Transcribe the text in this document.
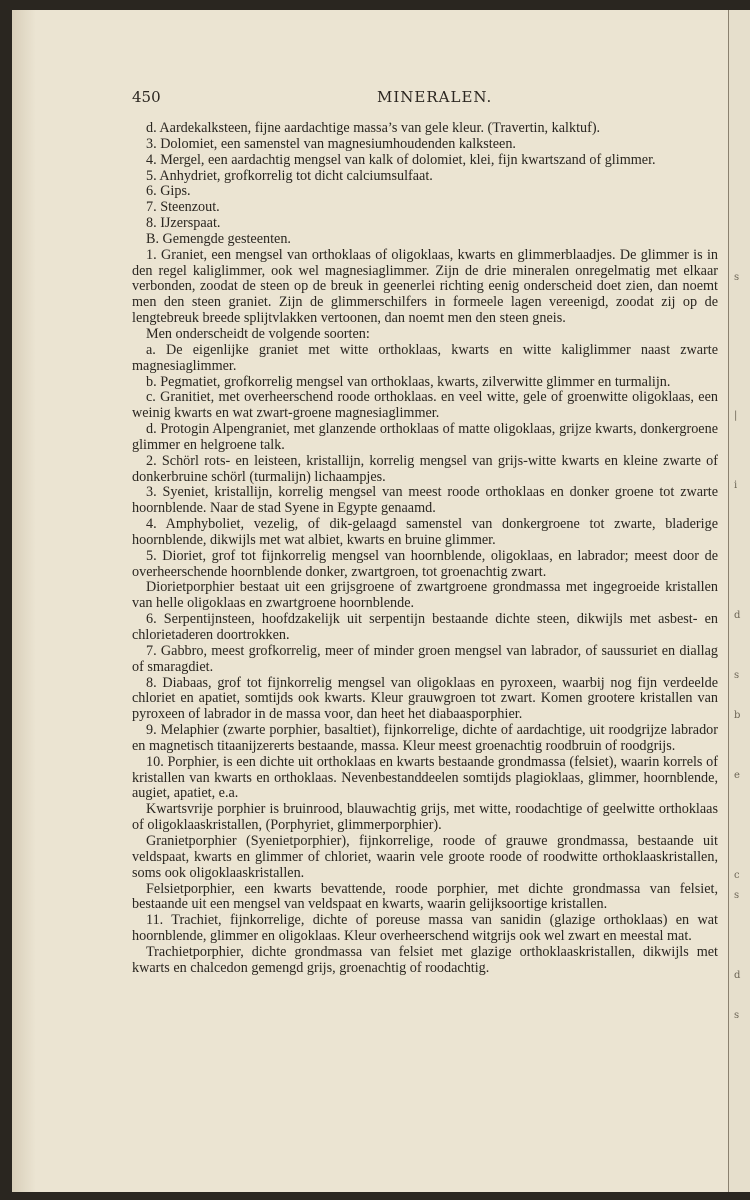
s
|
i
d
s
b
e
c
s
d
s
450	MINERALEN.
d. Aardekalksteen, fijne aardachtige massa’s van gele kleur. (Travertin, kalktuf).
3. Dolomiet, een samenstel van magnesiumhoudenden kalksteen.
4. Mergel, een aardachtig mengsel van kalk of dolomiet, klei, fijn kwartszand of glimmer.
5. Anhydriet, grofkorrelig tot dicht calciumsulfaat.
6. Gips.
7. Steenzout.
8. IJzerspaat.
B. Gemengde gesteenten.
1. Graniet, een mengsel van orthoklaas of oligoklaas, kwarts en glimmerblaadjes. De glimmer is in den regel kaliglimmer, ook wel magnesiaglimmer. Zijn de drie mineralen onregelmatig met elkaar verbonden, zoodat de steen op de breuk in geenerlei richting eenig onderscheid doet zien, dan noemt men den steen graniet. Zijn de glimmerschilfers in formeele lagen vereenigd, zoodat zij op de lengtebreuk breede splijtvlakken vertoonen, dan noemt men den steen gneis.
Men onderscheidt de volgende soorten:
a. De eigenlijke graniet met witte orthoklaas, kwarts en witte kaliglimmer naast zwarte magnesiaglimmer.
b. Pegmatiet, grofkorrelig mengsel van orthoklaas, kwarts, zilverwitte glimmer en turmalijn.
c. Granitiet, met overheerschend roode orthoklaas. en veel witte, gele of groenwitte oligoklaas, een weinig kwarts en wat zwart-groene magnesiaglimmer.
d. Protogin Alpengraniet, met glanzende orthoklaas of matte oligoklaas, grijze kwarts, donkergroene glimmer en helgroene talk.
2. Schörl rots- en leisteen, kristallijn, korrelig mengsel van grijs-witte kwarts en kleine zwarte of donkerbruine schörl (turmalijn) lichaampjes.
3. Syeniet, kristallijn, korrelig mengsel van meest roode orthoklaas en donker groene tot zwarte hoornblende. Naar de stad Syene in Egypte genaamd.
4. Amphyboliet, vezelig, of dik-gelaagd samenstel van donkergroene tot zwarte, bladerige hoornblende, dikwijls met wat albiet, kwarts en bruine glimmer.
5. Dioriet, grof tot fijnkorrelig mengsel van hoornblende, oligoklaas, en labrador; meest door de overheerschende hoornblende donker, zwartgroen, tot groenachtig zwart.
Diorietporphier bestaat uit een grijsgroene of zwartgroene grondmassa met ingegroeide kristallen van helle oligoklaas en zwartgroene hoornblende.
6. Serpentijnsteen, hoofdzakelijk uit serpentijn bestaande dichte steen, dikwijls met asbest- en chlorietaderen doortrokken.
7. Gabbro, meest grofkorrelig, meer of minder groen mengsel van labrador, of saussuriet en diallag of smaragdiet.
8. Diabaas, grof tot fijnkorrelig mengsel van oligoklaas en pyroxeen, waarbij nog fijn verdeelde chloriet en apatiet, somtijds ook kwarts. Kleur grauwgroen tot zwart. Komen grootere kristallen van pyroxeen of labrador in de massa voor, dan heet het diabaasporphier.
9. Melaphier (zwarte porphier, basaltiet), fijnkorrelige, dichte of aardachtige, uit roodgrijze labrador en magnetisch titaanijzererts bestaande, massa. Kleur meest groenachtig roodbruin of roodgrijs.
10. Porphier, is een dichte uit orthoklaas en kwarts bestaande grondmassa (felsiet), waarin korrels of kristallen van kwarts en orthoklaas. Nevenbestanddeelen somtijds plagioklaas, glimmer, hoornblende, augiet, apatiet, e.a.
Kwartsvrije porphier is bruinrood, blauwachtig grijs, met witte, roodachtige of geelwitte orthoklaas of oligoklaaskristallen, (Porphyriet, glimmerporphier).
Granietporphier (Syenietporphier), fijnkorrelige, roode of grauwe grondmassa, bestaande uit veldspaat, kwarts en glimmer of chloriet, waarin vele groote roode of roodwitte orthoklaaskristallen, soms ook oligoklaaskristallen.
Felsietporphier, een kwarts bevattende, roode porphier, met dichte grondmassa van felsiet, bestaande uit een mengsel van veldspaat en kwarts, waarin gelijksoortige kristallen.
11. Trachiet, fijnkorrelige, dichte of poreuse massa van sanidin (glazige orthoklaas) en wat hoornblende, glimmer en oligoklaas. Kleur overheerschend witgrijs ook wel zwart en meestal mat.
Trachietporphier, dichte grondmassa van felsiet met glazige orthoklaaskristallen, dikwijls met kwarts en chalcedon gemengd grijs, groenachtig of roodachtig.
